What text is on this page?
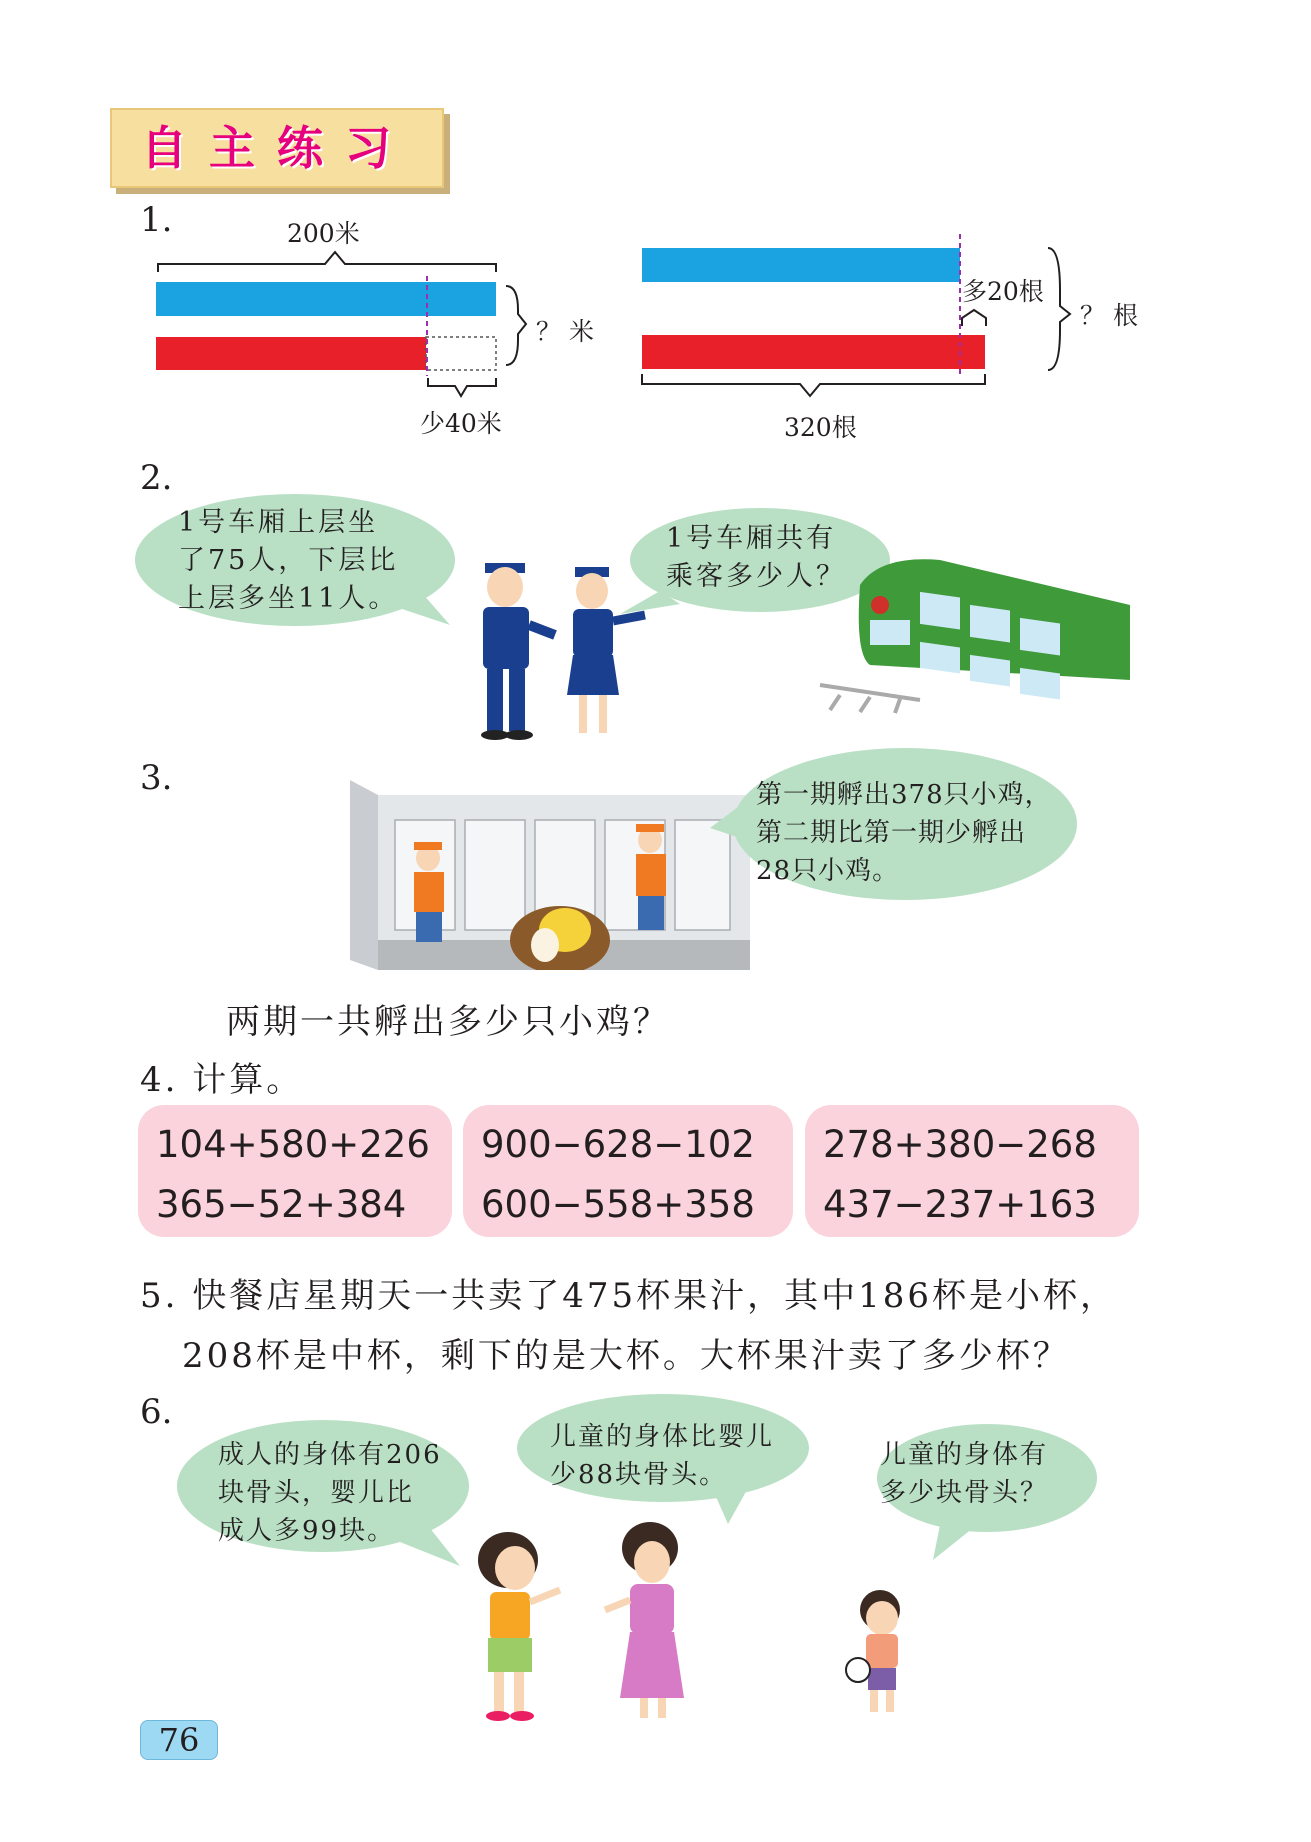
自主练习
1.	200米
？ 米
少40米
多20根
？ 根
320根
2.
1号车厢上层坐
了75人，下层比
上层多坐11人。
1号车厢共有
乘客多少人？
3.	第一期孵出378只小鸡，
第二期比第一期少孵出
28只小鸡。
两期一共孵出多少只小鸡？
4. 计算。
104+580+226
365−52+384
900−628−102
600−558+358
278+380−268
437−237+163
5. 快餐店星期天一共卖了475杯果汁，其中186杯是小杯，
208杯是中杯，剩下的是大杯。大杯果汁卖了多少杯？
6.
成人的身体有206
块骨头，婴儿比
成人多99块。
儿童的身体比婴儿
少88块骨头。
儿童的身体有
多少块骨头？
76
